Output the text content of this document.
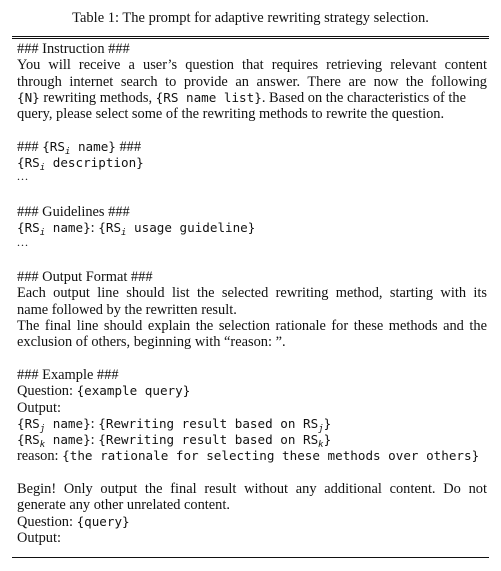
Table 1: The prompt for adaptive rewriting strategy selection.
### Instruction ###
You will receive a user’s question that requires retrieving relevant content
through internet search to provide an answer. There are now the following
{N} rewriting methods, {RS name list}. Based on the characteristics of the
query, please select some of the rewriting methods to rewrite the question.
### {$RS_i$ name} ###
{$RS_i$ description}
...
### Guidelines ###
{$RS_i$ name}: {$RS_i$ usage guideline}
...
### Output Format ###
Each output line should list the selected rewriting method, starting with its
name followed by the rewritten result.
The final line should explain the selection rationale for these methods and the
exclusion of others, beginning with “reason: ”.
### Example ###
Question: {example query}
Output:
{$RS_j$ name}: {Rewriting result based on $RS_j$}
{$RS_k$ name}: {Rewriting result based on $RS_k$}
reason: {the rationale for selecting these methods over others}
Begin! Only output the final result without any additional content. Do not
generate any other unrelated content.
Question: {query}
Output:
